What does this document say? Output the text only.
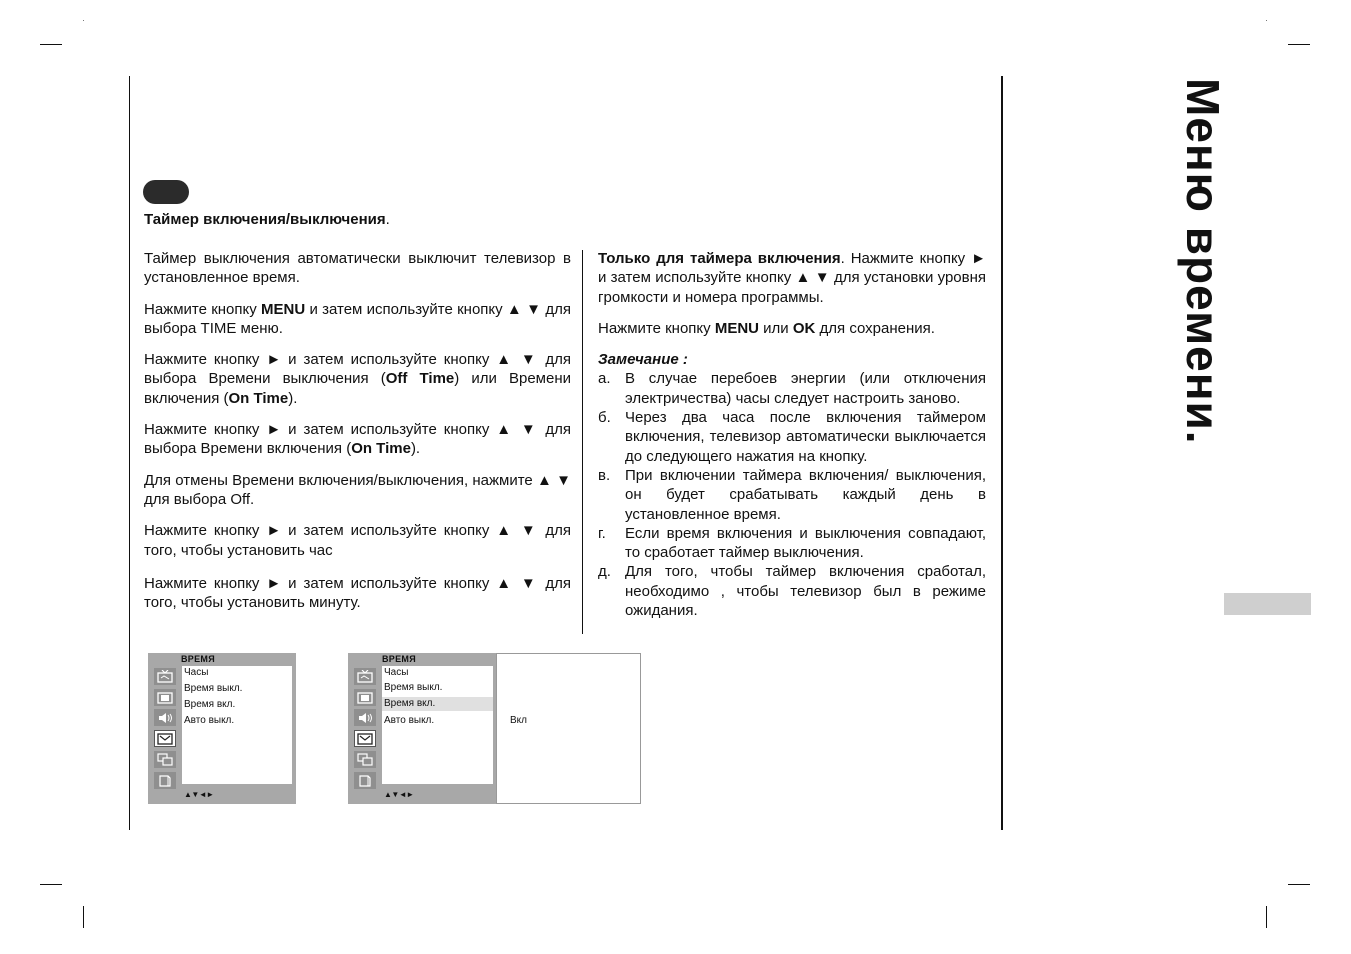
Таймер включения/выключения.

Таймер выключения автоматически выключит телевизор в установленное время.

Нажмите кнопку MENU и затем используйте кнопку ▲ ▼ для выбора TIME меню.

Нажмите кнопку ► и затем используйте кнопку ▲ ▼ для выбора Времени выключения (Off Time) или Времени включения (On Time).

Нажмите кнопку ► и затем используйте кнопку ▲ ▼ для выбора Времени включения (On Time).

Для отмены Времени включения/выключения, нажмите ▲ ▼ для выбора Off.

Нажмите кнопку ► и затем используйте кнопку ▲ ▼ для того, чтобы установить час

Нажмите кнопку ► и затем используйте кнопку ▲ ▼ для того, чтобы установить минуту.

Только для таймера включения. Нажмите кнопку ► и затем используйте кнопку ▲ ▼ для установки уровня громкости и номера программы.

Нажмите кнопку MENU или OK для сохранения.

Замечание :
a. В случае перебоев энергии (или отключения электричества) часы следует настроить заново.
б. Через два часа после включения таймером включения, телевизор автоматически выключается до следующего нажатия на кнопку.
в. При включении таймера включения/ выключения, он будет срабатывать каждый день в установленное время.
г.	Если время включения и выключения совпадают, то сработает таймер выключения.
д. Для того, чтобы таймер включения сработал, необходимо , чтобы телевизор был в режиме ожидания.
Меню времени.
ВРЕМЯ
Часы
Время выкл.
Время вкл.
Авто выкл.
▲▼◄►
ВРЕМЯ
Часы
Время выкл.
Время вкл.
Авто выкл.
▲▼◄►
Вкл
